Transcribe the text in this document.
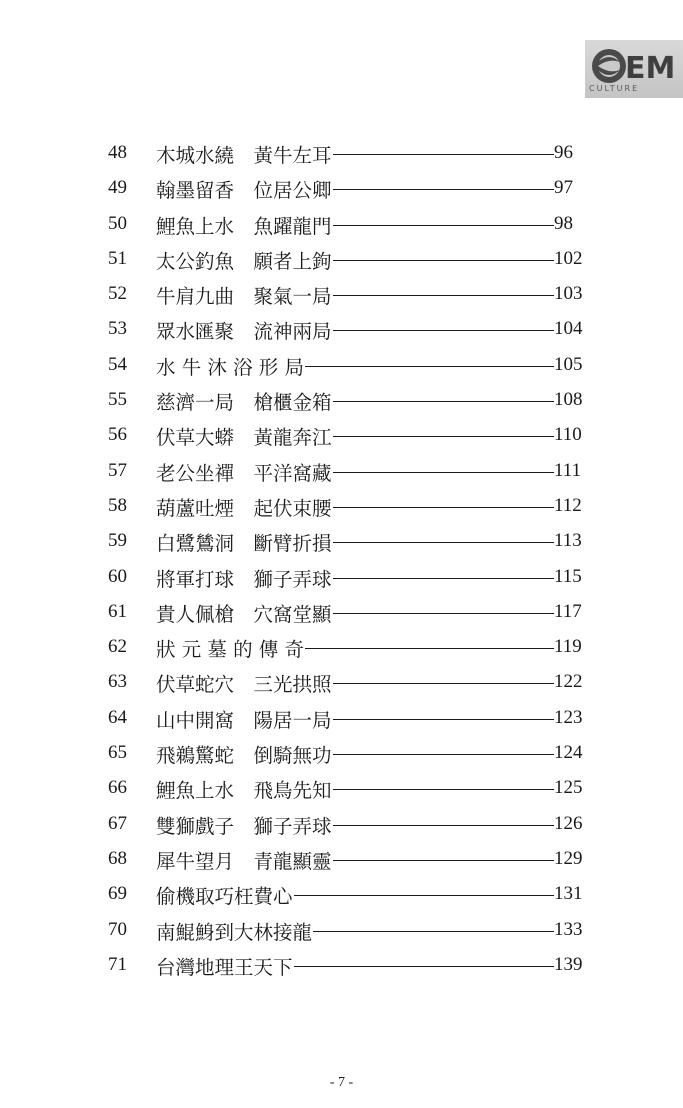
EM
CULTURE
48	木城水繞　黃牛左耳	96
49	翰墨留香　位居公卿	97
50	鯉魚上水　魚躍龍門	98
51	太公釣魚　願者上鉤	102
52	牛肩九曲　聚氣一局	103
53	眾水匯聚　流神兩局	104
54	水 牛 沐 浴 形 局	105
55	慈濟一局　槍櫃金箱	108
56	伏草大蟒　黃龍奔江	110
57	老公坐禪　平洋窩藏	111
58	葫蘆吐煙　起伏束腰	112
59	白鷺鷥洞　斷臂折損	113
60	將軍打球　獅子弄球	115
61	貴人佩槍　穴窩堂顯	117
62	狀 元 墓 的 傳 奇	119
63	伏草蛇穴　三光拱照	122
64	山中開窩　陽居一局	123
65	飛鵜驚蛇　倒騎無功	124
66	鯉魚上水　飛鳥先知	125
67	雙獅戲子　獅子弄球	126
68	犀牛望月　青龍顯靈	129
69	偷機取巧枉費心	131
70	南鯤鯓到大林接龍	133
71	台灣地理王天下	139
- 7 -
